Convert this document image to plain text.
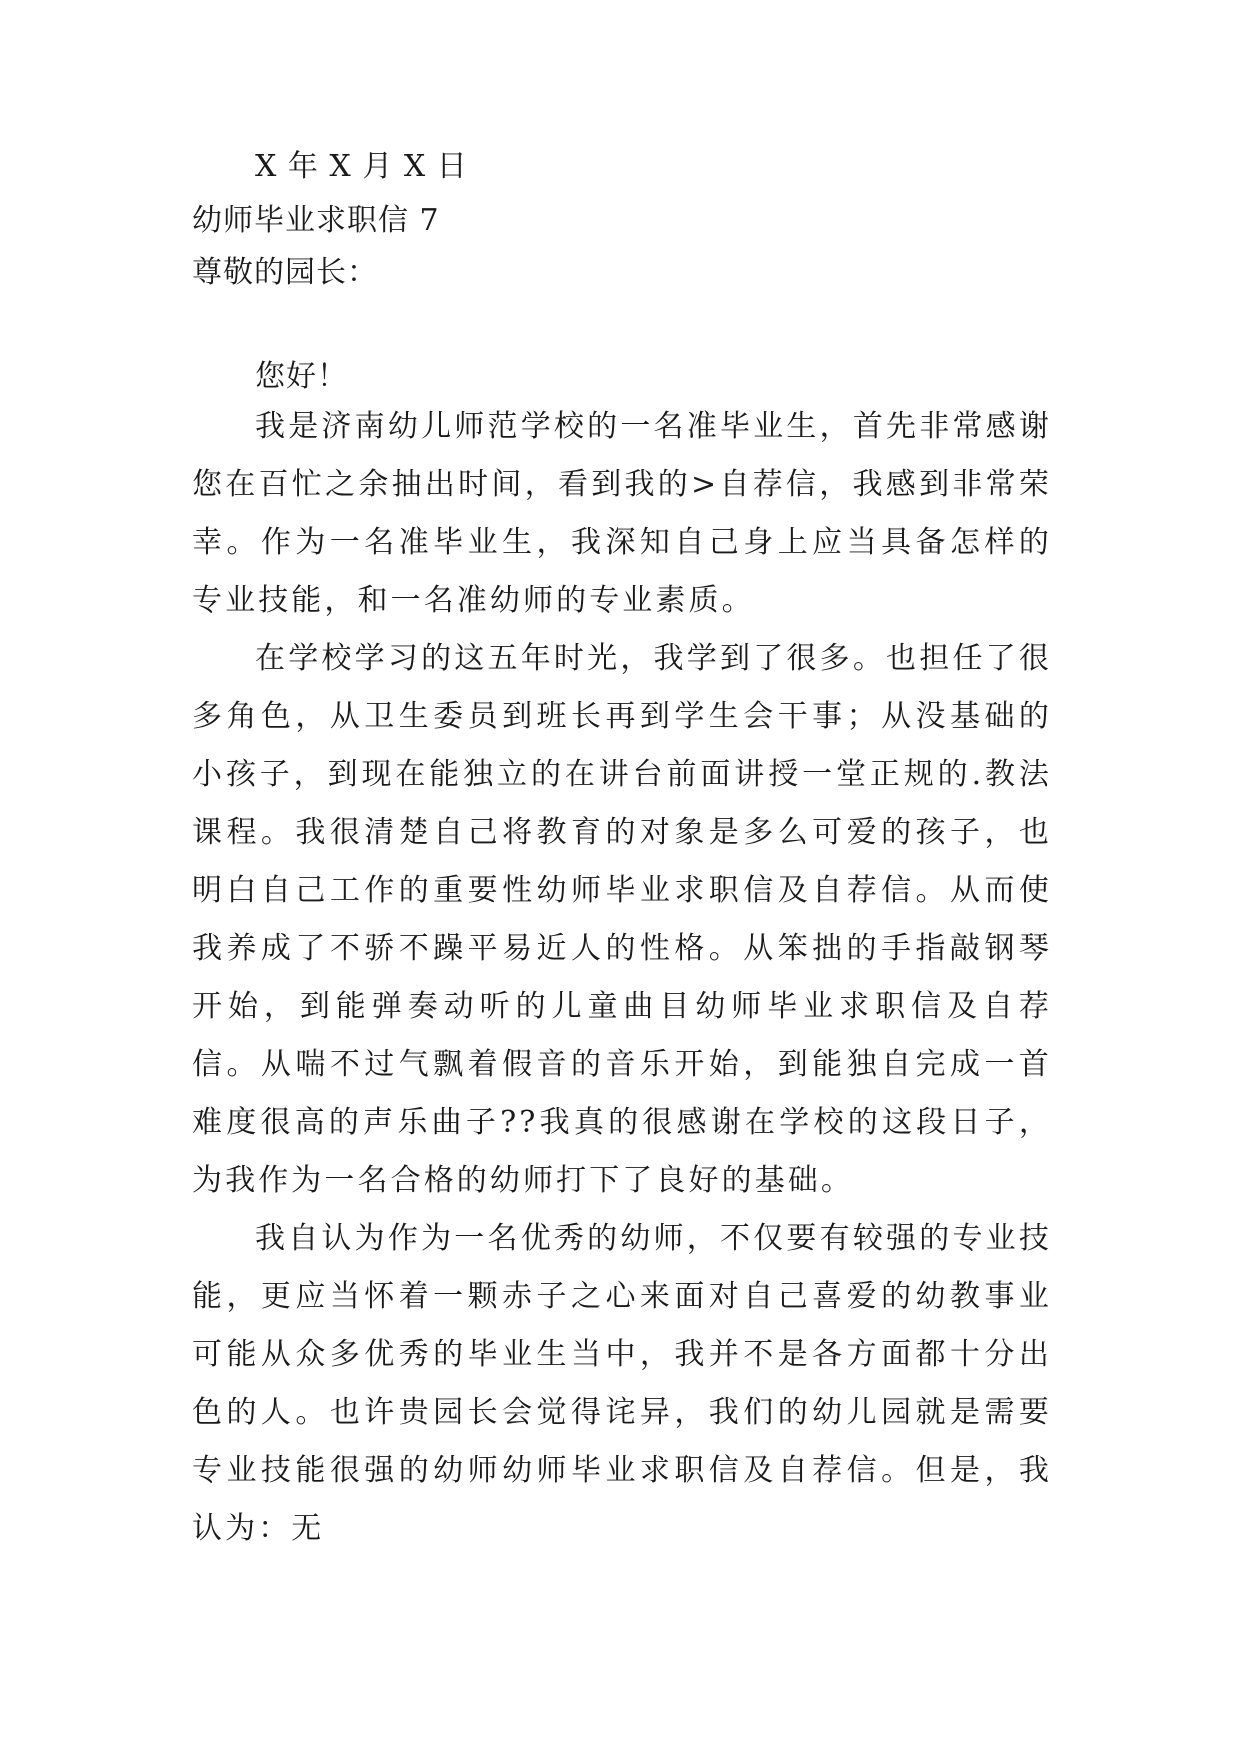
X 年 X 月 X 日
幼师毕业求职信 7
尊敬的园长：
您好！

我是济南幼儿师范学校的一名准毕业生，首先非常感谢您在百忙之余抽出时间，看到我的>自荐信，我感到非常荣幸。作为一名准毕业生，我深知自己身上应当具备怎样的专业技能，和一名准幼师的专业素质。

在学校学习的这五年时光，我学到了很多。也担任了很多角色，从卫生委员到班长再到学生会干事；从没基础的小孩子，到现在能独立的在讲台前面讲授一堂正规的.教法课程。我很清楚自己将教育的对象是多么可爱的孩子，也明白自己工作的重要性幼师毕业求职信及自荐信。从而使我养成了不骄不躁平易近人的性格。从笨拙的手指敲钢琴开始，到能弹奏动听的儿童曲目幼师毕业求职信及自荐信。从喘不过气飘着假音的音乐开始，到能独自完成一首难度很高的声乐曲子??我真的很感谢在学校的这段日子，为我作为一名合格的幼师打下了良好的基础。

我自认为作为一名优秀的幼师，不仅要有较强的专业技能，更应当怀着一颗赤子之心来面对自己喜爱的幼教事业可能从众多优秀的毕业生当中，我并不是各方面都十分出色的人。也许贵园长会觉得诧异，我们的幼儿园就是需要专业技能很强的幼师幼师毕业求职信及自荐信。但是，我认为：无
